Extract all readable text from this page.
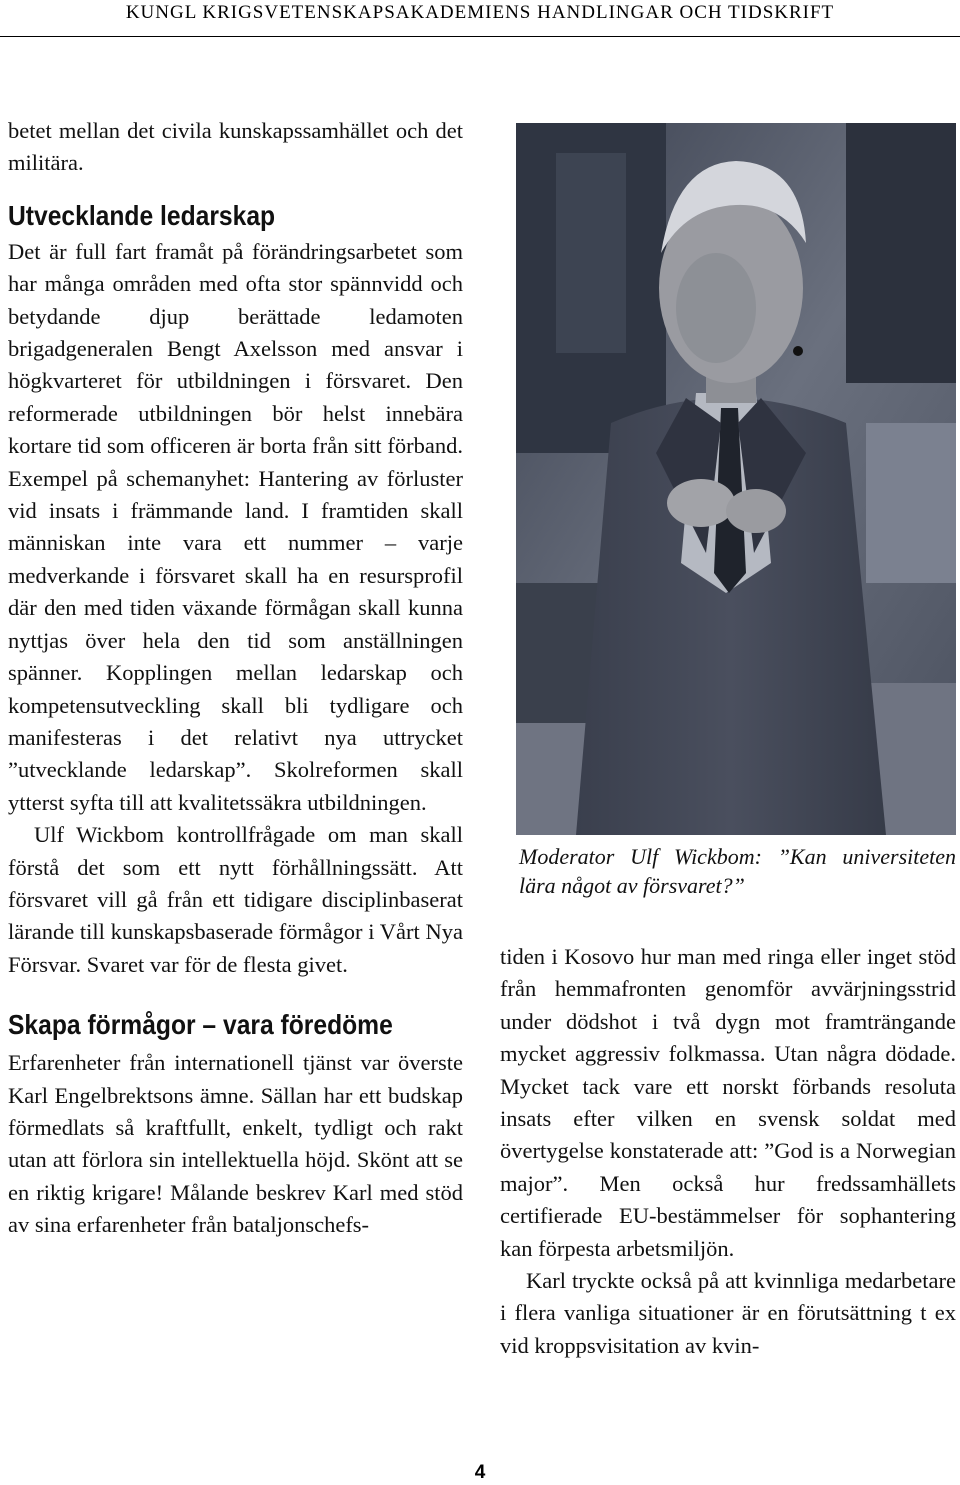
KUNGL KRIGSVETENSKAPSAKADEMIENS HANDLINGAR OCH TIDSKRIFT

betet mellan det civila kunskapssamhället och det militära.

Utvecklande ledarskap

Det är full fart framåt på förändringsarbetet som har många områden med ofta stor spännvidd och betydande djup berättade ledamoten brigadgeneralen Bengt Axelsson med ansvar i högkvarteret för utbildningen i försvaret. Den reformerade utbildningen bör helst innebära kortare tid som officeren är borta från sitt förband. Exempel på schemanyhet: Hantering av förluster vid insats i främmande land. I framtiden skall människan inte vara ett nummer – varje medverkande i försvaret skall ha en resursprofil där den med tiden växande förmågan skall kunna nyttjas över hela den tid som anställningen spänner. Kopplingen mellan ledarskap och kompetensutveckling skall bli tydligare och manifesteras i det relativt nya uttrycket ”utvecklande ledarskap”. Skolreformen skall ytterst syfta till att kvalitetssäkra utbildningen.

Ulf Wickbom kontrollfrågade om man skall förstå det som ett nytt förhållningssätt. Att försvaret vill gå från ett tidigare disciplinbaserat lärande till kunskapsbaserade förmågor i Vårt Nya Försvar. Svaret var för de flesta givet.

Skapa förmågor – vara föredöme

Erfarenheter från internationell tjänst var överste Karl Engelbrektsons ämne. Sällan har ett budskap förmedlats så kraftfullt, enkelt, tydligt och rakt utan att förlora sin intellektuella höjd. Skönt att se en riktig krigare! Målande beskrev Karl med stöd av sina erfarenheter från bataljonschefs-

Moderator Ulf Wickbom: ”Kan universiteten lära något av försvaret?”

tiden i Kosovo hur man med ringa eller inget stöd från hemmafronten genomför avvärjningsstrid under dödshot i två dygn mot framträngande mycket aggressiv folkmassa. Utan några dödade. Mycket tack vare ett norskt förbands resoluta insats efter vilken en svensk soldat med övertygelse konstaterade att: ”God is a Norwegian major”. Men också hur fredssamhällets certifierade EU-bestämmelser för sophantering kan förpesta arbetsmiljön.

Karl tryckte också på att kvinnliga medarbetare i flera vanliga situationer är en förutsättning t ex vid kroppsvisitation av kvin-

4
